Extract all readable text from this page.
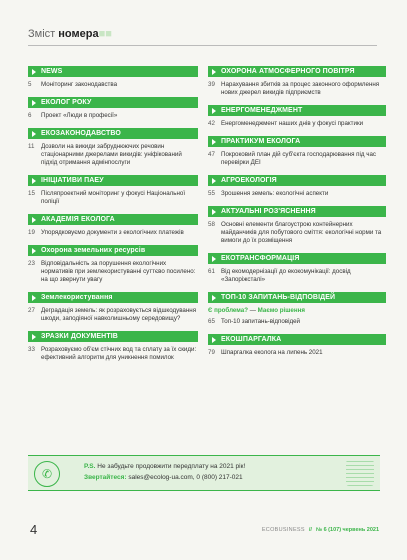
Зміст номера■■
NEWS
5	Моніторинг законодавства
ЕКОЛОГ РОКУ
6	Проект «Люди в професії»
ЕКОЗАКОНОДАВСТВО
11	Дозволи на викиди забруднюючих речовин стаціонарними джерелами викидів: уніфікований підхід отримання адмінпослуги
ІНІЦІАТИВИ ПАЕУ
15 Післяпроектний моніторинг у фокусі Національної поліції
АКАДЕМІЯ ЕКОЛОГА
19 Упорядковуємо документи з екологічних платежів
Охорона земельних ресурсів
23 Відповідальність за порушення екологічних нормативів при землекористуванні суттєво посилено: на що звернути увагу
Землекористування
27 Деградація земель: як розраховується відшкодування шкоди, заподіяної навколишньому середовищу?
ЗРАЗКИ ДОКУМЕНТІВ
33 Розраховуємо об'єм стічних вод та сплату за їх скиди: ефективний алгоритм для уникнення помилок
ОХОРОНА АТМОСФЕРНОГО ПОВІТРЯ
39 Нарахування збитків за процес законного оформлення нових джерел викидів підприємств
ЕНЕРГОМЕНЕДЖМЕНТ
42 Енергоменеджмент наших днів у фокусі практики
ПРАКТИКУМ ЕКОЛОГА
47 Покроковий план дій суб'єкта господарювання під час перевірки ДЕІ
АГРОЕКОЛОГІЯ
55 Зрошення земель: екологічні аспекти
АКТУАЛЬНІ РОЗ'ЯСНЕННЯ
58 Основні елементи благоустрою контейнерних майданчиків для побутового сміття: екологічні норми та вимоги до їх розміщення
ЕКОТРАНСФОРМАЦІЯ
61 Від екомодернізації до екокомунікації: досвід «Запоріжсталі»
ТОП-10 ЗАПИТАНЬ-ВІДПОВІДЕЙ
Є проблема? — Маємо рішення
65 Топ-10 запитань-відповідей
ЕКОШПАРГАЛКА
79 Шпаргалка еколога на липень 2021
✆
P.S. Не забудьте продовжити передплату на 2021 рік!
Звертайтеся: sales@ecolog-ua.com, 0 (800) 217-021
4	ECOBUSINESS // № 6 (107) червень 2021
